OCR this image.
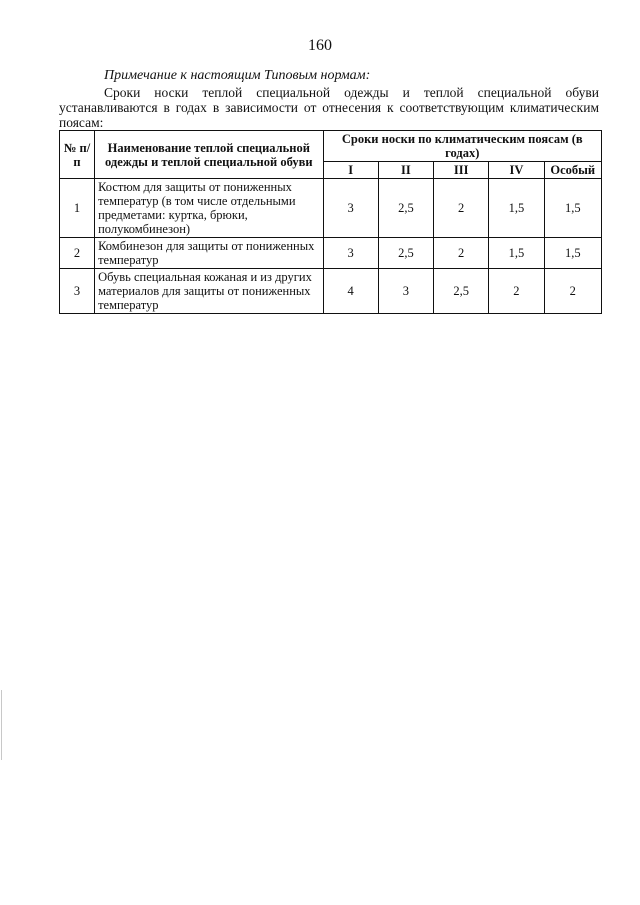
160
Примечание к настоящим Типовым нормам:

Сроки носки теплой специальной одежды и теплой специальной обуви устанавливаются в годах в зависимости от отнесения к соответствующим климатическим поясам:

№ п/п	Наименование теплой специальной одежды и теплой специальной обуви	Сроки носки по климатическим поясам (в годах)				
		I	II	III	IV	Особый
1	Костюм для защиты от пониженных температур (в том числе отдельными предметами: куртка, брюки, полукомбинезон)	3	2,5	2	1,5	1,5
2	Комбинезон для защиты от пониженных температур	3	2,5	2	1,5	1,5
3	Обувь специальная кожаная и из других материалов для защиты от пониженных температур	4	3	2,5	2	2
